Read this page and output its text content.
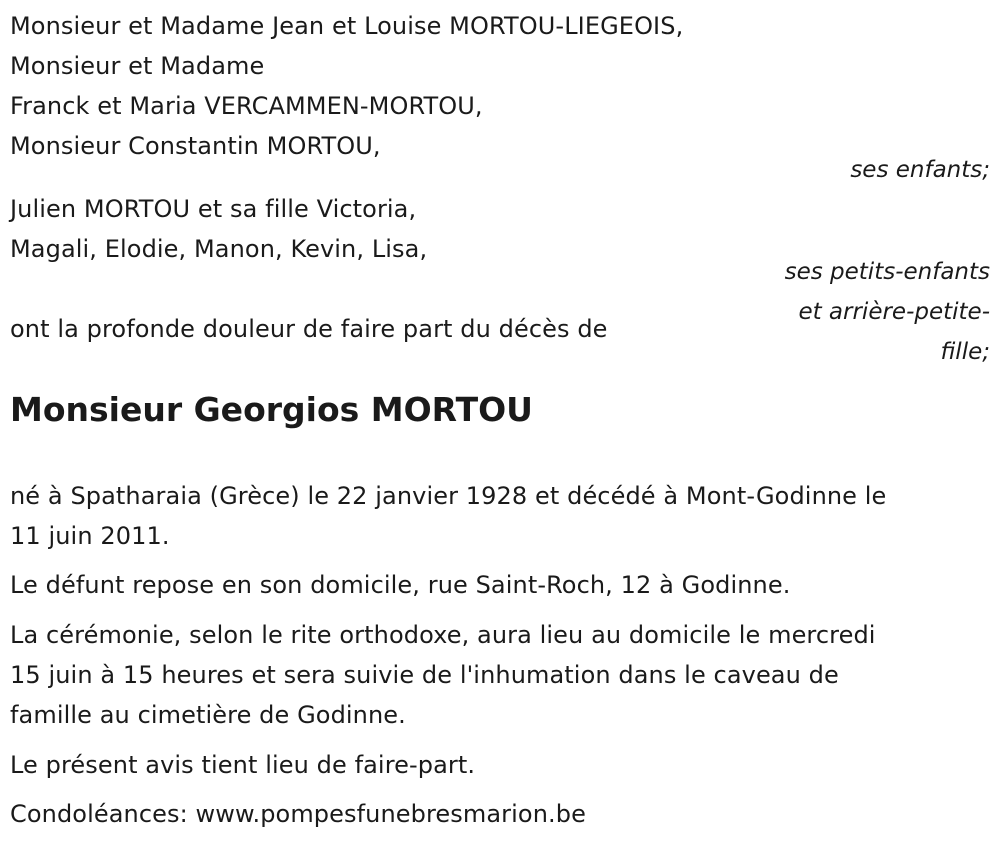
Monsieur et Madame Jean et Louise MORTOU-LIEGEOIS,
Monsieur et Madame
Franck et Maria VERCAMMEN-MORTOU,
Monsieur Constantin MORTOU,
ses enfants;
Julien MORTOU et sa fille Victoria,
Magali, Elodie, Manon, Kevin, Lisa,
ses petits-enfants
et arrière-petite-
fille;
ont la profonde douleur de faire part du décès de
Monsieur Georgios MORTOU
né à Spatharaia (Grèce) le 22 janvier 1928 et décédé à Mont-Godinne le
11 juin 2011.
Le défunt repose en son domicile, rue Saint-Roch, 12 à Godinne.
La cérémonie, selon le rite orthodoxe, aura lieu au domicile le mercredi
15 juin à 15 heures et sera suivie de l'inhumation dans le caveau de
famille au cimetière de Godinne.
Le présent avis tient lieu de faire-part.
Condoléances: www.pompesfunebresmarion.be
